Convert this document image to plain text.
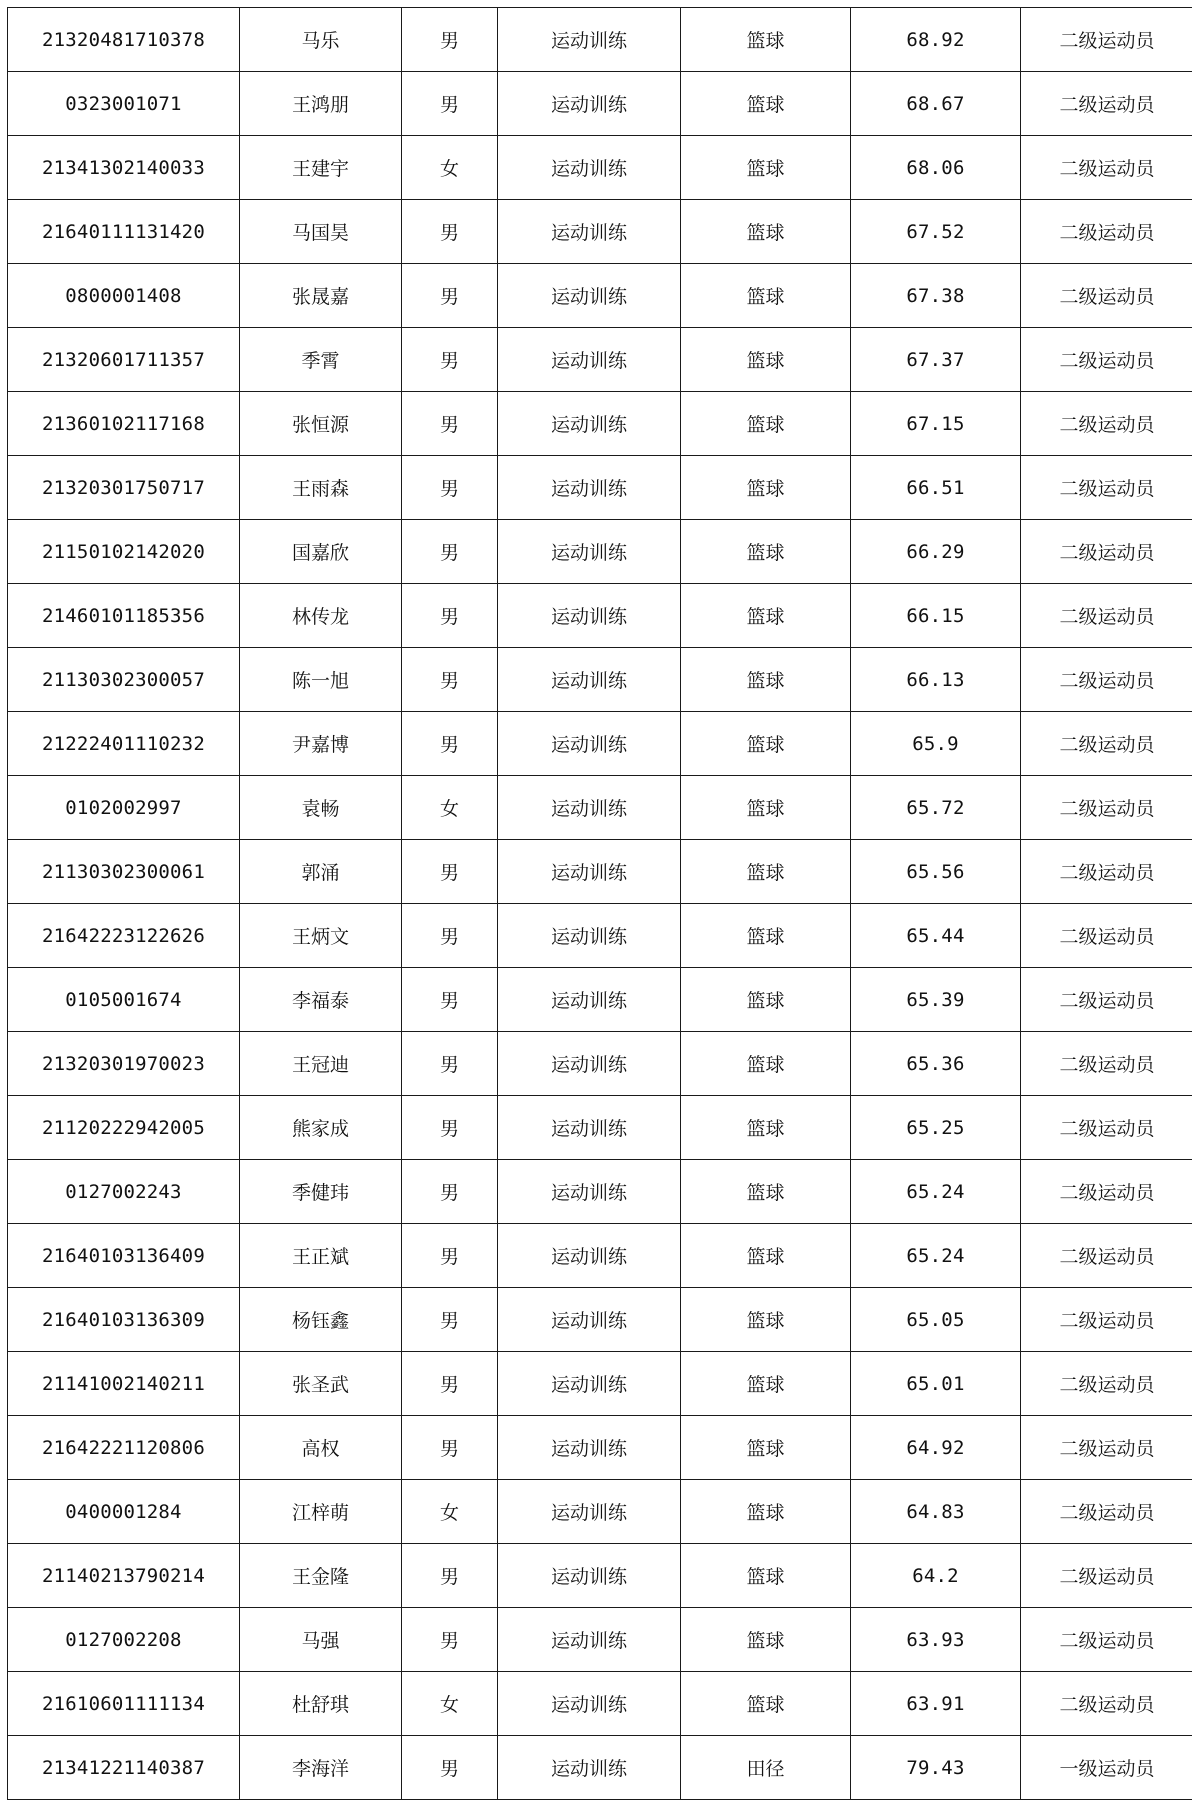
21320481710378	马乐	男	运动训练	篮球	68.92	二级运动员
0323001071	王鸿朋	男	运动训练	篮球	68.67	二级运动员
21341302140033	王建宇	女	运动训练	篮球	68.06	二级运动员
21640111131420	马国昊	男	运动训练	篮球	67.52	二级运动员
0800001408	张晟嘉	男	运动训练	篮球	67.38	二级运动员
21320601711357	季霄	男	运动训练	篮球	67.37	二级运动员
21360102117168	张恒源	男	运动训练	篮球	67.15	二级运动员
21320301750717	王雨森	男	运动训练	篮球	66.51	二级运动员
21150102142020	国嘉欣	男	运动训练	篮球	66.29	二级运动员
21460101185356	林传龙	男	运动训练	篮球	66.15	二级运动员
21130302300057	陈一旭	男	运动训练	篮球	66.13	二级运动员
21222401110232	尹嘉博	男	运动训练	篮球	65.9	二级运动员
0102002997	袁畅	女	运动训练	篮球	65.72	二级运动员
21130302300061	郭涌	男	运动训练	篮球	65.56	二级运动员
21642223122626	王炳文	男	运动训练	篮球	65.44	二级运动员
0105001674	李福泰	男	运动训练	篮球	65.39	二级运动员
21320301970023	王冠迪	男	运动训练	篮球	65.36	二级运动员
21120222942005	熊家成	男	运动训练	篮球	65.25	二级运动员
0127002243	季健玮	男	运动训练	篮球	65.24	二级运动员
21640103136409	王正斌	男	运动训练	篮球	65.24	二级运动员
21640103136309	杨钰鑫	男	运动训练	篮球	65.05	二级运动员
21141002140211	张圣武	男	运动训练	篮球	65.01	二级运动员
21642221120806	高权	男	运动训练	篮球	64.92	二级运动员
0400001284	江梓萌	女	运动训练	篮球	64.83	二级运动员
21140213790214	王金隆	男	运动训练	篮球	64.2	二级运动员
0127002208	马强	男	运动训练	篮球	63.93	二级运动员
21610601111134	杜舒琪	女	运动训练	篮球	63.91	二级运动员
21341221140387	李海洋	男	运动训练	田径	79.43	一级运动员
